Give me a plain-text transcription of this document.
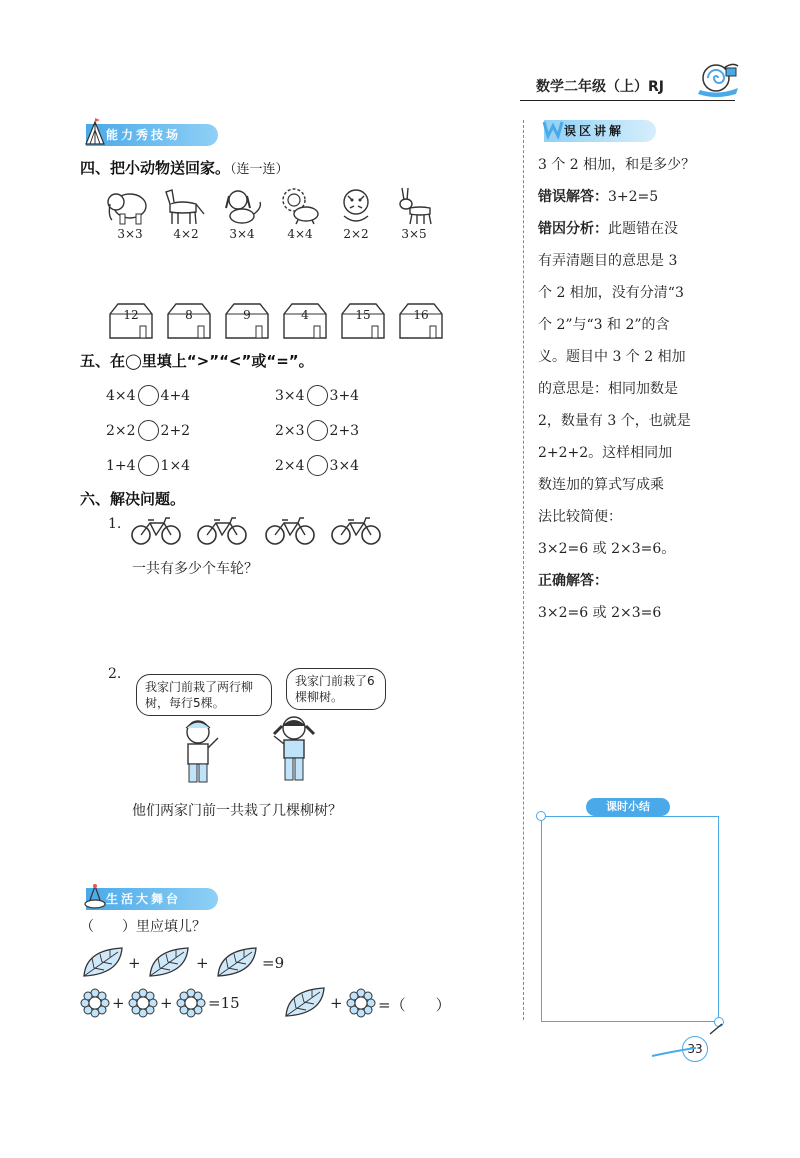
数学二年级（上）RJ
能力秀技场
四、把小动物送回家。（连一连）
3×3	4×2	3×4	4×4	2×2	3×5
12	8	9	4	15	16
五、在◯里填上“>”“<”或“=”。
4×4 4+4	3×4 3+4
2×2 2+2	2×3 2+3
1+4 1×4	2×4 3×4
六、解决问题。
1.
一共有多少个车轮？
2.
我家门前栽了两行柳树，每行5棵。
我家门前栽了6棵柳树。
他们两家门前一共栽了几棵柳树？
生活大舞台
（　　）里应填儿？
+	+	=9
+ + =15	+ =（　　）
误区讲解
3 个 2 相加，和是多少？
错误解答：3+2=5
错因分析：此题错在没
有弄清题目的意思是 3
个 2 相加，没有分清“3
个 2”与“3 和 2”的含
义。题目中 3 个 2 相加
的意思是：相同加数是
2，数量有 3 个，也就是
2+2+2。这样相同加
数连加的算式写成乘
法比较简便：
3×2=6 或 2×3=6。
正确解答：
3×2=6 或 2×3=6
课时小结
33
